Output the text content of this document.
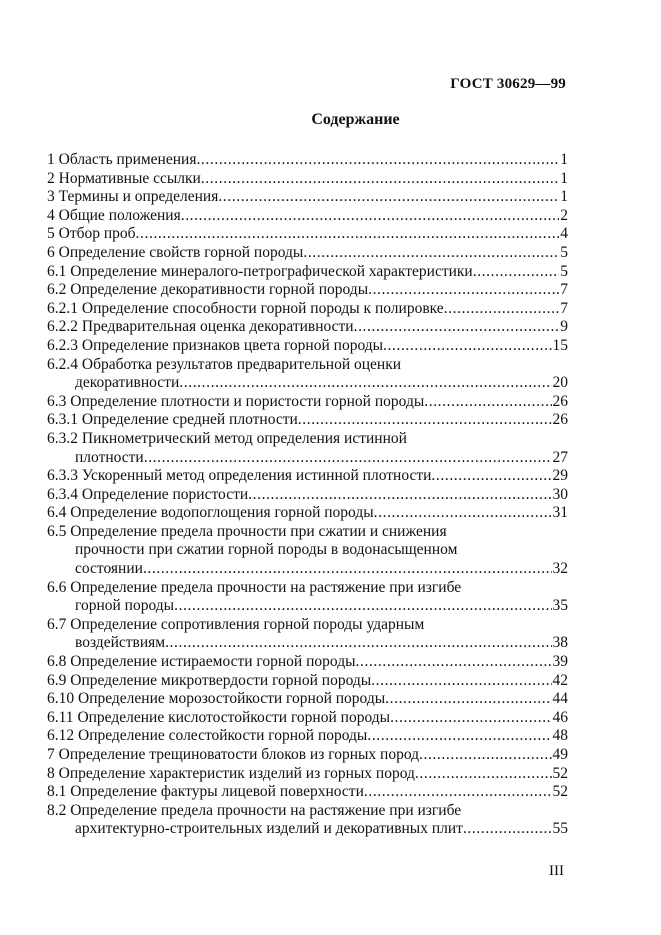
ГОСТ 30629—99
Содержание
1 Область применения .....	1
2 Нормативные ссылки .....	1
3 Термины и определения .....	1
4 Общие положения .....	2
5 Отбор проб .....	4
6 Определение свойств горной породы .....	5
6.1 Определение минералого-петрографической характеристики .....	5
6.2 Определение декоративности горной породы .....	7
6.2.1 Определение способности горной породы к полировке .....	7
6.2.2 Предварительная оценка декоративности .....	9
6.2.3 Определение признаков цвета горной породы .....	15
6.2.4 Обработка результатов предварительной оценки
декоративности .....	20
6.3 Определение плотности и пористости горной породы .....	26
6.3.1 Определение средней плотности .....	26
6.3.2 Пикнометрический метод определения истинной
плотности .....	27
6.3.3 Ускоренный метод определения истинной плотности .....	29
6.3.4 Определение пористости .....	30
6.4 Определение водопоглощения горной породы .....	31
6.5 Определение предела прочности при сжатии и снижения
прочности при сжатии горной породы в водонасыщенном
состоянии .....	32
6.6 Определение предела прочности на растяжение при изгибе
горной породы .....	35
6.7 Определение сопротивления горной породы ударным
воздействиям .....	38
6.8 Определение истираемости горной породы .....	39
6.9 Определение микротвердости горной породы .....	42
6.10 Определение морозостойкости горной породы .....	44
6.11 Определение кислотостойкости горной породы .....	46
6.12 Определение солестойкости горной породы .....	48
7 Определение трещиноватости блоков из горных пород .....	49
8 Определение характеристик изделий из горных пород .....	52
8.1 Определение фактуры лицевой поверхности .....	52
8.2 Определение предела прочности на растяжение при изгибе
архитектурно-строительных изделий и декоративных плит .....	55
III
